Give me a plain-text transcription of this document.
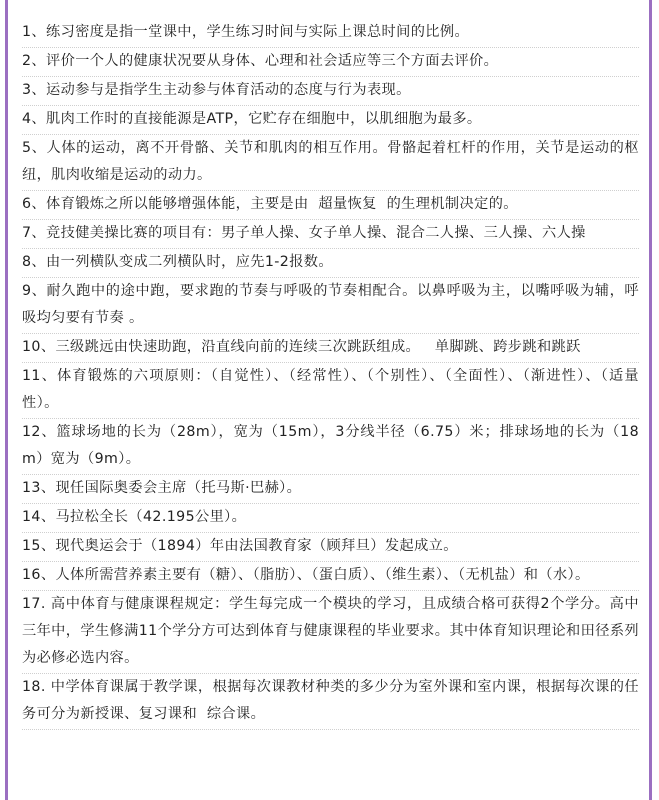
1、练习密度是指一堂课中，学生练习时间与实际上课总时间的比例。
2、评价一个人的健康状况要从身体、心理和社会适应等三个方面去评价。
3、运动参与是指学生主动参与体育活动的态度与行为表现。
4、肌肉工作时的直接能源是ATP，它贮存在细胞中，以肌细胞为最多。
5、人体的运动，离不开骨骼、关节和肌肉的相互作用。骨骼起着杠杆的作用，关节是运动的枢纽，肌肉收缩是运动的动力。
6、体育锻炼之所以能够增强体能，主要是由  超量恢复  的生理机制决定的。
7、竞技健美操比赛的项目有：男子单人操、女子单人操、混合二人操、三人操、六人操
8、由一列横队变成二列横队时，应先1-2报数。
9、耐久跑中的途中跑，要求跑的节奏与呼吸的节奏相配合。以鼻呼吸为主，以嘴呼吸为辅，呼吸均匀要有节奏 。
10、三级跳远由快速助跑，沿直线向前的连续三次跳跃组成。   单脚跳、跨步跳和跳跃
11、体育锻炼的六项原则：（自觉性）、（经常性）、（个别性）、（全面性）、（渐进性）、（适量性）。
12、篮球场地的长为（28m），宽为（15m），3分线半径（6.75）米；排球场地的长为（18m）宽为（9m）。
13、现任国际奥委会主席（托马斯·巴赫）。
14、马拉松全长（42.195公里）。
15、现代奥运会于（1894）年由法国教育家（顾拜旦）发起成立。
16、人体所需营养素主要有（糖）、（脂肪）、（蛋白质）、（维生素）、（无机盐）和（水）。
17. 高中体育与健康课程规定：学生每完成一个模块的学习，且成绩合格可获得2个学分。高中三年中，学生修满11个学分方可达到体育与健康课程的毕业要求。其中体育知识理论和田径系列为必修必选内容。
18. 中学体育课属于教学课，根据每次课教材种类的多少分为室外课和室内课，根据每次课的任务可分为新授课、复习课和  综合课。
